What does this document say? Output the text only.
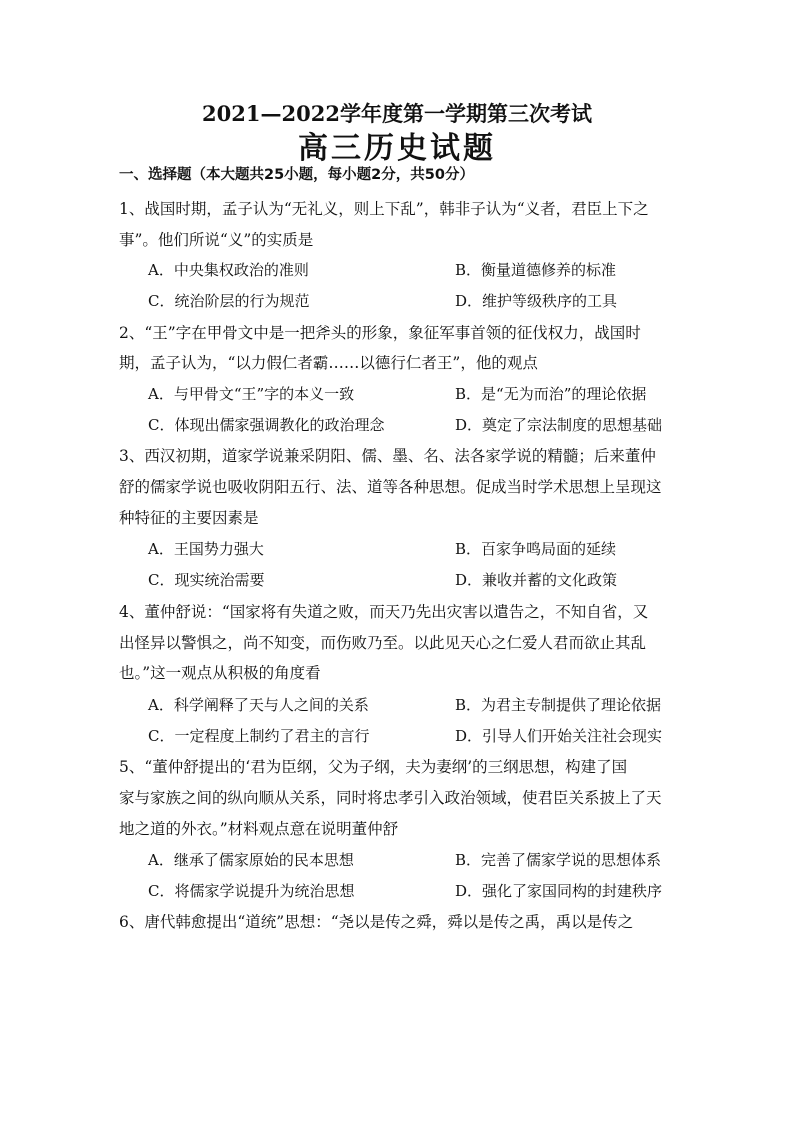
2021—2022学年度第一学期第三次考试
高三历史试题
一、选择题（本大题共25小题，每小题2分，共50分）
1、战国时期，孟子认为“无礼义，则上下乱”，韩非子认为“义者，君臣上下之
事”。他们所说“义”的实质是
A．中央集权政治的准则	B．衡量道德修养的标准
C．统治阶层的行为规范	D．维护等级秩序的工具
2、“王”字在甲骨文中是一把斧头的形象，象征军事首领的征伐权力，战国时
期，孟子认为，“以力假仁者霸……以德行仁者王”，他的观点
A．与甲骨文“王”字的本义一致	B．是“无为而治”的理论依据
C．体现出儒家强调教化的政治理念	D．奠定了宗法制度的思想基础
3、西汉初期，道家学说兼采阴阳、儒、墨、名、法各家学说的精髓；后来董仲
舒的儒家学说也吸收阴阳五行、法、道等各种思想。促成当时学术思想上呈现这
种特征的主要因素是
A．王国势力强大	B．百家争鸣局面的延续
C．现实统治需要	D．兼收并蓄的文化政策
4、董仲舒说：“国家将有失道之败，而天乃先出灾害以遣告之，不知自省，又
出怪异以警惧之，尚不知变，而伤败乃至。以此见天心之仁爱人君而欲止其乱
也。”这一观点从积极的角度看
A．科学阐释了天与人之间的关系	B．为君主专制提供了理论依据
C．一定程度上制约了君主的言行	D．引导人们开始关注社会现实
5、“董仲舒提出的‘君为臣纲，父为子纲，夫为妻纲’的三纲思想，构建了国
家与家族之间的纵向顺从关系，同时将忠孝引入政治领域，使君臣关系披上了天
地之道的外衣。”材料观点意在说明董仲舒
A．继承了儒家原始的民本思想	B．完善了儒家学说的思想体系
C．将儒家学说提升为统治思想	D．强化了家国同构的封建秩序
6、唐代韩愈提出“道统”思想：“尧以是传之舜，舜以是传之禹，禹以是传之
